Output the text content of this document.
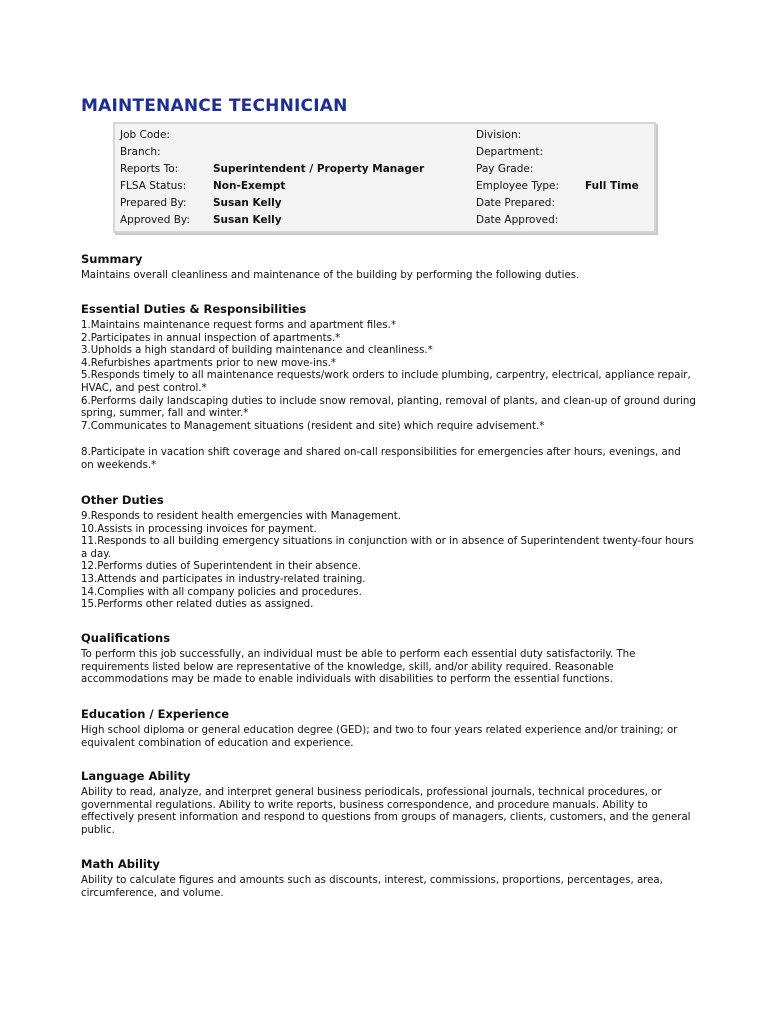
MAINTENANCE TECHNICIAN
Job Code:	Division:
Branch:	Department:
Reports To:	Superintendent / Property Manager	Pay Grade:
FLSA Status:	Non-Exempt	Employee Type: Full Time
Prepared By:	Susan Kelly	Date Prepared:
Approved By: Susan Kelly	Date Approved:
Summary

Maintains overall cleanliness and maintenance of the building by performing the following duties.

Essential Duties & Responsibilities

1.Maintains maintenance request forms and apartment files.*

2.Participates in annual inspection of apartments.*

3.Upholds a high standard of building maintenance and cleanliness.*

4.Refurbishes apartments prior to new move-ins.*

5.Responds timely to all maintenance requests/work orders to include plumbing, carpentry, electrical, appliance repair, HVAC, and pest control.*

6.Performs daily landscaping duties to include snow removal, planting, removal of plants, and clean-up of ground during spring, summer, fall and winter.*

7.Communicates to Management situations (resident and site) which require advisement.*

8.Participate in vacation shift coverage and shared on-call responsibilities for emergencies after hours, evenings, and on weekends.*

Other Duties

9.Responds to resident health emergencies with Management.

10.Assists in processing invoices for payment.

11.Responds to all building emergency situations in conjunction with or in absence of Superintendent twenty-four hours a day.

12.Performs duties of Superintendent in their absence.

13.Attends and participates in industry-related training.

14.Complies with all company policies and procedures.

15.Performs other related duties as assigned.

Qualifications

To perform this job successfully, an individual must be able to perform each essential duty satisfactorily. The requirements listed below are representative of the knowledge, skill, and/or ability required. Reasonable accommodations may be made to enable individuals with disabilities to perform the essential functions.

Education / Experience

High school diploma or general education degree (GED); and two to four years related experience and/or training; or equivalent combination of education and experience.

Language Ability

Ability to read, analyze, and interpret general business periodicals, professional journals, technical procedures, or governmental regulations. Ability to write reports, business correspondence, and procedure manuals. Ability to effectively present information and respond to questions from groups of managers, clients, customers, and the general public.

Math Ability

Ability to calculate figures and amounts such as discounts, interest, commissions, proportions, percentages, area, circumference, and volume.
